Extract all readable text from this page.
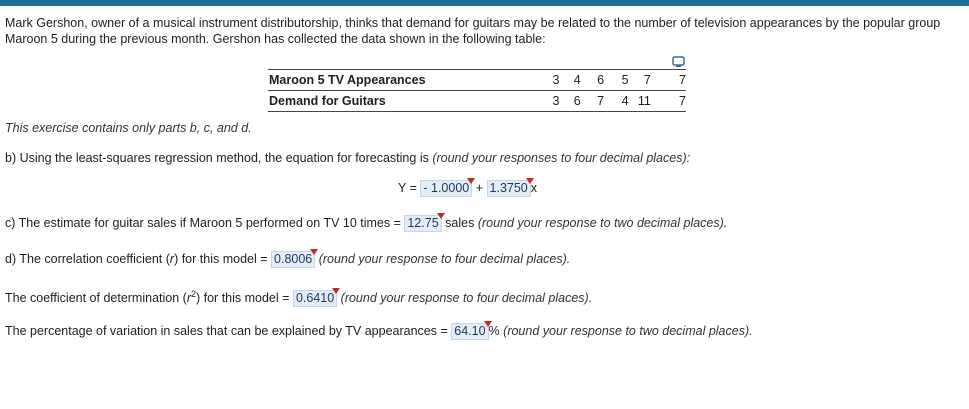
Mark Gershon, owner of a musical instrument distributorship, thinks that demand for guitars may be related to the number of television appearances by the popular group Maroon 5 during the previous month. Gershon has collected the data shown in the following table:
Maroon 5 TV Appearances	3	4	6	5	7	7
Demand for Guitars	3	6	7	4	11	7
This exercise contains only parts b, c, and d.
b) Using the least-squares regression method, the equation for forecasting is (round your responses to four decimal places):
Y = - 1.0000 + 1.3750 x
c) The estimate for guitar sales if Maroon 5 performed on TV 10 times = 12.75 sales (round your response to two decimal places).
d) The correlation coefficient (r) for this model = 0.8006 (round your response to four decimal places).
The coefficient of determination $(r^2)$ for this model = 0.6410 (round your response to four decimal places).
The percentage of variation in sales that can be explained by TV appearances = 64.10 % (round your response to two decimal places).
